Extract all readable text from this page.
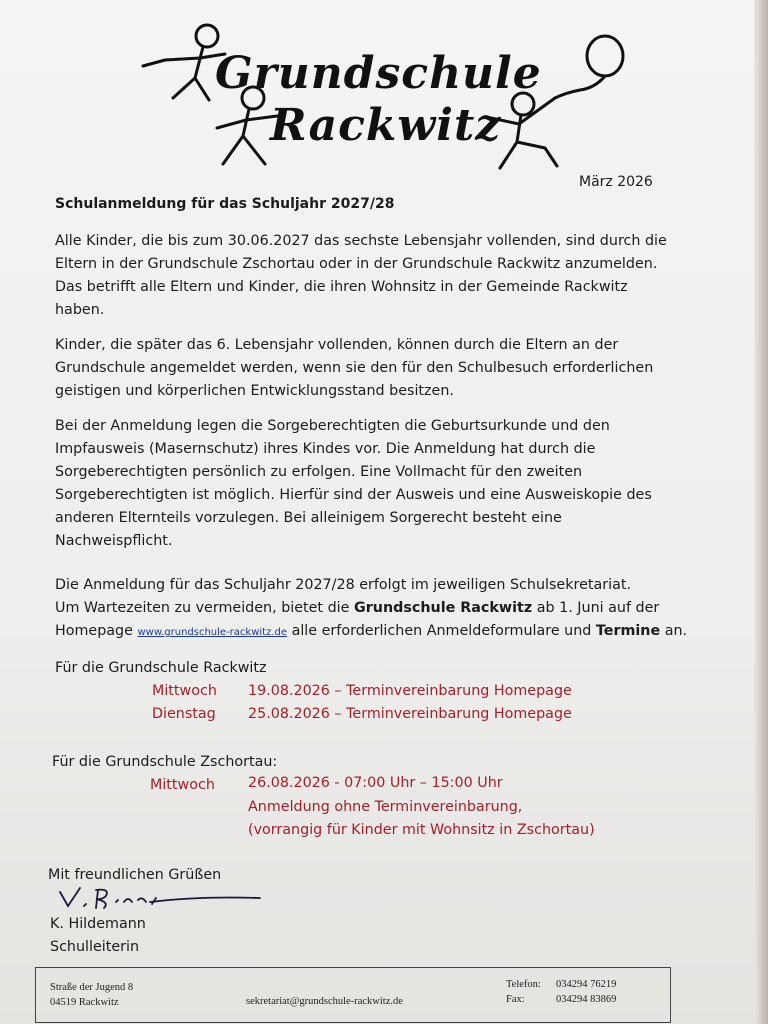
Grundschule
Rackwitz
März 2026
Schulanmeldung für das Schuljahr 2027/28
Alle Kinder, die bis zum 30.06.2027 das sechste Lebensjahr vollenden, sind durch die
Eltern in der Grundschule Zschortau oder in der Grundschule Rackwitz anzumelden.
Das betrifft alle Eltern und Kinder, die ihren Wohnsitz in der Gemeinde Rackwitz
haben.
Kinder, die später das 6. Lebensjahr vollenden, können durch die Eltern an der
Grundschule angemeldet werden, wenn sie den für den Schulbesuch erforderlichen
geistigen und körperlichen Entwicklungsstand besitzen.
Bei der Anmeldung legen die Sorgeberechtigten die Geburtsurkunde und den
Impfausweis (Masernschutz) ihres Kindes vor. Die Anmeldung hat durch die
Sorgeberechtigten persönlich zu erfolgen. Eine Vollmacht für den zweiten
Sorgeberechtigten ist möglich. Hierfür sind der Ausweis und eine Ausweiskopie des
anderen Elternteils vorzulegen. Bei alleinigem Sorgerecht besteht eine
Nachweispflicht.
Die Anmeldung für das Schuljahr 2027/28 erfolgt im jeweiligen Schulsekretariat.
Um Wartezeiten zu vermeiden, bietet die Grundschule Rackwitz ab 1. Juni auf der
Homepage www.grundschule-rackwitz.de alle erforderlichen Anmeldeformulare und Termine an.
Für die Grundschule Rackwitz
Mittwoch 19.08.2026 – Terminvereinbarung Homepage
Dienstag 25.08.2026 – Terminvereinbarung Homepage
Für die Grundschule Zschortau:
Mittwoch 26.08.2026 - 07:00 Uhr – 15:00 Uhr
Anmeldung ohne Terminvereinbarung,
(vorrangig für Kinder mit Wohnsitz in Zschortau)
Mit freundlichen Grüßen
K. Hildemann
Schulleiterin
Straße der Jugend 8
04519 Rackwitz	sekretariat@grundschule-rackwitz.de
Telefon: 034294 76219
Fax:	034294 83869
